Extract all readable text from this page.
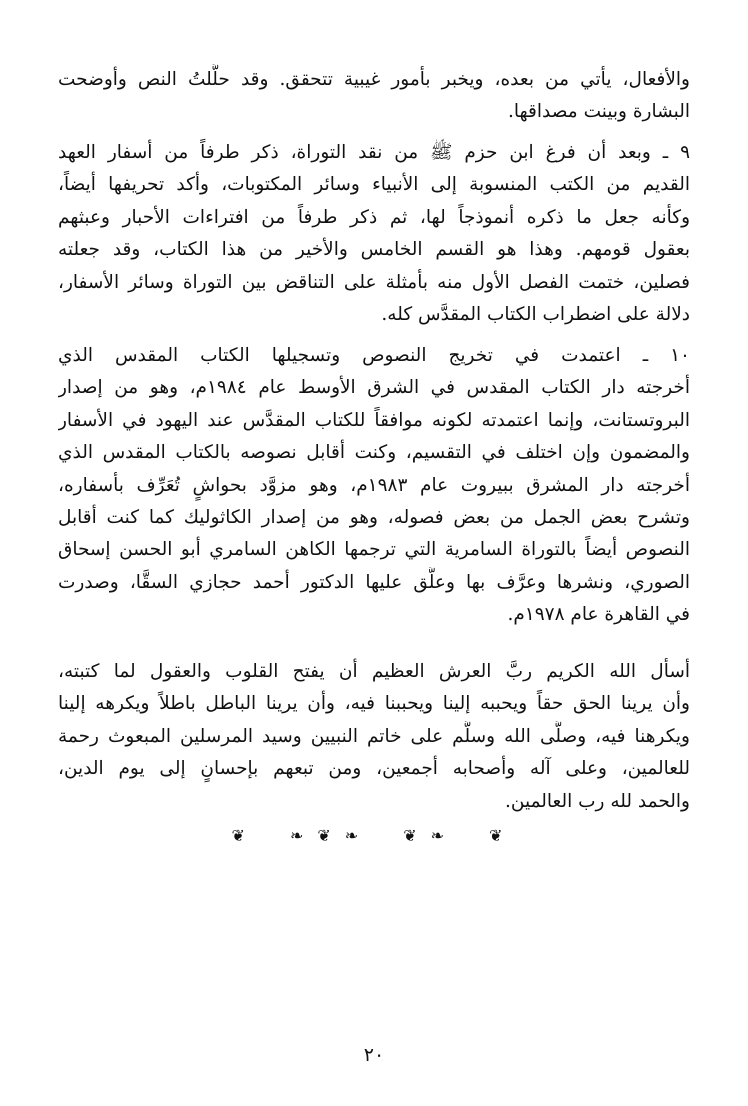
والأفعال، يأتي من بعده، ويخبر بأمور غيبية تتحقق. وقد حلَّلتُ النص وأوضحت
البشارة وبينت مصداقها.
٩ ـ وبعد أن فرغ ابن حزم ﷺ من نقد التوراة، ذكر طرفاً من أسفار العهد
القديم من الكتب المنسوبة إلى الأنبياء وسائر المكتوبات، وأكد تحريفها أيضاً،
وكأنه جعل ما ذكره أنموذجاً لها، ثم ذكر طرفاً من افتراءات الأحبار وعبثهم
بعقول قومهم. وهذا هو القسم الخامس والأخير من هذا الكتاب، وقد جعلته
فصلين، ختمت الفصل الأول منه بأمثلة على التناقض بين التوراة وسائر الأسفار،
دلالة على اضطراب الكتاب المقدَّس كله.
١٠ ـ اعتمدت في تخريج النصوص وتسجيلها الكتاب المقدس الذي
أخرجته دار الكتاب المقدس في الشرق الأوسط عام ١٩٨٤م، وهو من إصدار
البروتستانت، وإنما اعتمدته لكونه موافقاً للكتاب المقدَّس عند اليهود في الأسفار
والمضمون وإن اختلف في التقسيم، وكنت أقابل نصوصه بالكتاب المقدس الذي
أخرجته دار المشرق ببيروت عام ١٩٨٣م، وهو مزوَّد بحواشٍ تُعَرِّف بأسفاره،
وتشرح بعض الجمل من بعض فصوله، وهو من إصدار الكاثوليك كما كنت أقابل
النصوص أيضاً بالتوراة السامرية التي ترجمها الكاهن السامري أبو الحسن إسحاق
الصوري، ونشرها وعرَّف بها وعلَّق عليها الدكتور أحمد حجازي السقَّا، وصدرت
في القاهرة عام ١٩٧٨م.
أسأل الله الكريم ربَّ العرش العظيم أن يفتح القلوب والعقول لما كتبته،
وأن يرينا الحق حقاً ويحببه إلينا ويحببنا فيه، وأن يرينا الباطل باطلاً ويكرهه إلينا
ويكرهنا فيه، وصلَّى الله وسلَّم على خاتم النبيين وسيد المرسلين المبعوث رحمة
للعالمين، وعلى آله وأصحابه أجمعين، ومن تبعهم بإحسانٍ إلى يوم الدين،
والحمد لله رب العالمين.
❦ ❧❦❧ ❦❧ ❦
٢٠
